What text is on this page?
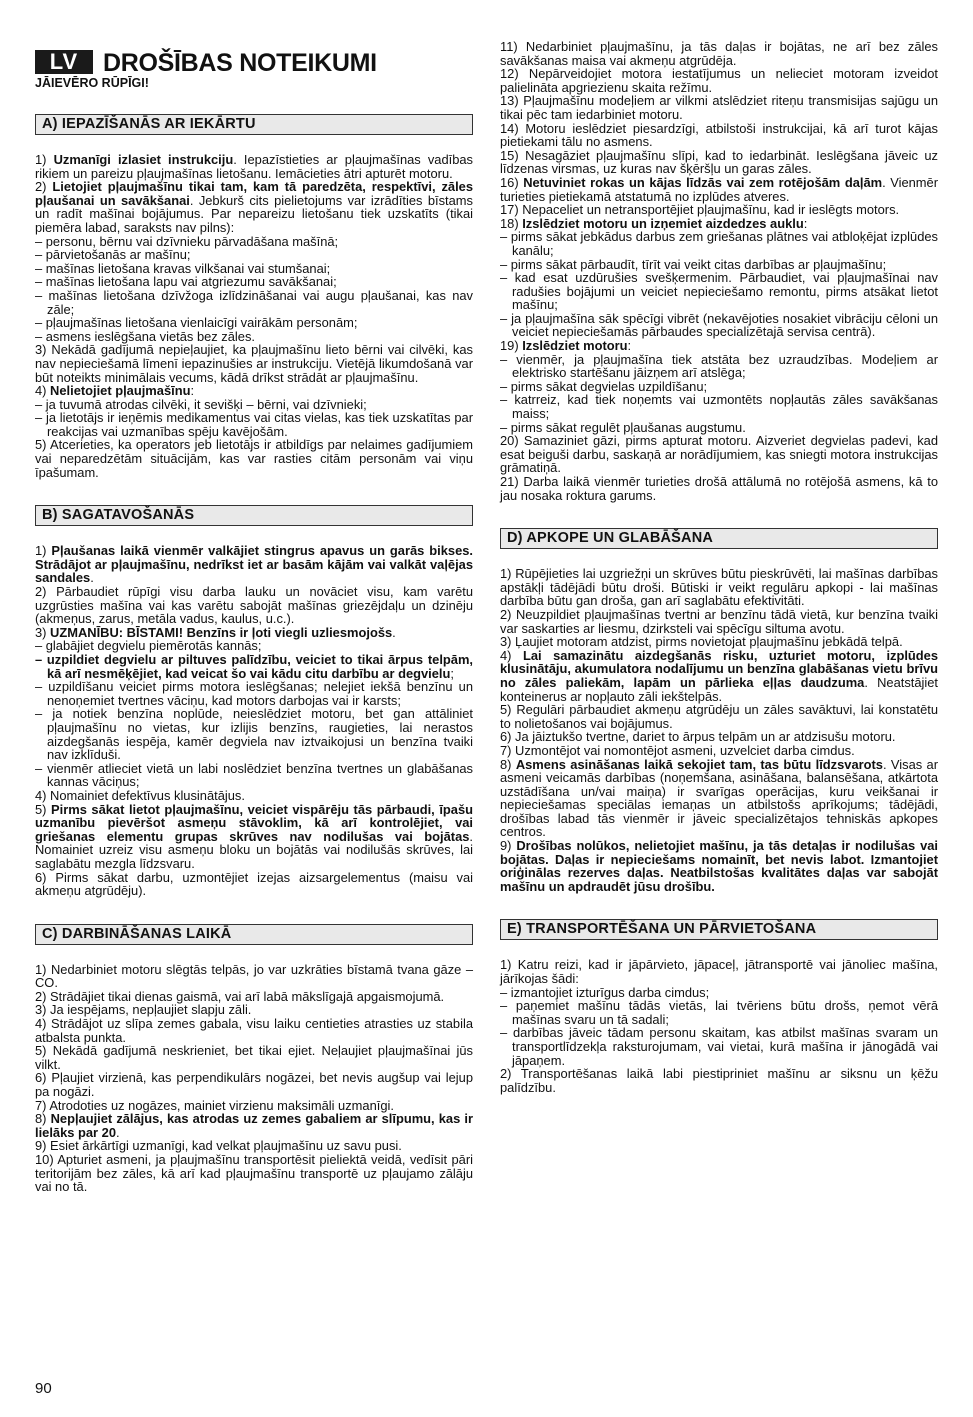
LV DROŠĪBAS NOTEIKUMI
JĀIEVĒRO RŪPĪGI!
A) IEPAZĪŠANĀS AR IEKĀRTU

1) Uzmanīgi izlasiet instrukciju. Iepazīstieties ar pļaujmašīnas vadības rikiem un pareizu pļaujmašīnas lietošanu. Iemācieties ātri apturēt motoru.

2) Lietojiet pļaujmašīnu tikai tam, kam tā paredzēta, respektīvi, zāles pļaušanai un savākšanai. Jebkurš cits pielietojums var izrādīties bīstams un radīt mašīnai bojājumus. Par nepareizu lietošanu tiek uzskatīts (tikai piemēra labad, saraksts nav pilns):

– personu, bērnu vai dzīvnieku pārvadāšana mašīnā;

– pārvietošanās ar mašīnu;

– mašīnas lietošana kravas vilkšanai vai stumšanai;

– mašīnas lietošana lapu vai atgriezumu savākšanai;

– mašīnas lietošana dzīvžoga izlīdzināšanai vai augu pļaušanai, kas nav zāle;

– pļaujmašīnas lietošana vienlaicīgi vairākām personām;

– asmens ieslēgšana vietās bez zāles.

3) Nekādā gadījumā nepieļaujiet, ka pļaujmašīnu lieto bērni vai cilvēki, kas nav nepieciešamā līmenī iepazinušies ar instrukciju. Vietējā likumdošanā var būt noteikts minimālais vecums, kādā drīkst strādāt ar pļaujmašīnu.

4) Nelietojiet pļaujmašīnu:

– ja tuvumā atrodas cilvēki, it sevišķi – bērni, vai dzīvnieki;

– ja lietotājs ir ieņēmis medikamentus vai citas vielas, kas tiek uzskatītas par reakcijas vai uzmanības spēju kavējošām.

5) Atcerieties, ka operators jeb lietotājs ir atbildīgs par nelaimes gadījumiem vai neparedzētām situācijām, kas var rasties citām personām vai viņu īpašumam.

B) SAGATAVOŠANĀS

1) Pļaušanas laikā vienmēr valkājiet stingrus apavus un garās bikses. Strādājot ar pļaujmašīnu, nedrīkst iet ar basām kājām vai valkāt vaļējas sandales.

2) Pārbaudiet rūpīgi visu darba lauku un novāciet visu, kam varētu uzgrūsties mašīna vai kas varētu sabojāt mašīnas griezējdaļu un dzinēju (akmeņus, zarus, metāla vadus, kaulus, u.c.).

3) UZMANĪBU: BĪSTAMI! Benzīns ir ļoti viegli uzliesmojošs.

– glabājiet degvielu piemērotās kannās;

– uzpildiet degvielu ar piltuves palīdzību, veiciet to tikai ārpus telpām, kā arī nesmēķējiet, kad veicat šo vai kādu citu darbību ar degvielu;

– uzpildīšanu veiciet pirms motora ieslēgšanas; nelejiet iekšā benzīnu un nenoņemiet tvertnes vāciņu, kad motors darbojas vai ir karsts;

– ja notiek benzīna noplūde, neieslēdziet motoru, bet gan attāliniet pļaujmašīnu no vietas, kur izlijis benzīns, raugieties, lai nerastos aizdegšanās iespēja, kamēr degviela nav iztvaikojusi un benzīna tvaiki nav izklīduši.

– vienmēr atlieciet vietā un labi noslēdziet benzīna tvertnes un glabāšanas kannas vāciņus;

4) Nomainiet defektīvus klusinātājus.

5) Pirms sākat lietot pļaujmašīnu, veiciet vispārēju tās pārbaudi, īpašu uzmanību pievēršot asmeņu stāvoklim, kā arī kontrolējiet, vai griešanas elementu grupas skrūves nav nodilušas vai bojātas. Nomainiet uzreiz visu asmeņu bloku un bojātās vai nodilušās skrūves, lai saglabātu mezgla līdzsvaru.

6) Pirms sākat darbu, uzmontējiet izejas aizsargelementus (maisu vai akmeņu atgrūdēju).

C) DARBINĀŠANAS LAIKĀ

1) Nedarbiniet motoru slēgtās telpās, jo var uzkrāties bīstamā tvana gāze – CO.

2) Strādājiet tikai dienas gaismā, vai arī labā mākslīgajā apgaismojumā.

3) Ja iespējams, nepļaujiet slapju zāli.

4) Strādājot uz slīpa zemes gabala, visu laiku centieties atrasties uz stabila atbalsta punkta.

5) Nekādā gadījumā neskrieniet, bet tikai ejiet. Neļaujiet pļaujmašīnai jūs vilkt.

6) Pļaujiet virzienā, kas perpendikulārs nogāzei, bet nevis augšup vai lejup pa nogāzi.

7) Atrodoties uz nogāzes, mainiet virzienu maksimāli uzmanīgi.

8) Nepļaujiet zālājus, kas atrodas uz zemes gabaliem ar slīpumu, kas ir lielāks par 20.

9) Esiet ārkārtīgi uzmanīgi, kad velkat pļaujmašīnu uz savu pusi.

10) Apturiet asmeni, ja pļaujmašīnu transportēsit pieliektā veidā, vedīsit pāri teritorijām bez zāles, kā arī kad pļaujmašīnu transportē uz pļaujamo zālāju vai no tā.

11) Nedarbiniet pļaujmašīnu, ja tās daļas ir bojātas, ne arī bez zāles savākšanas maisa vai akmeņu atgrūdēja.

12) Nepārveidojiet motora iestatījumus un nelieciet motoram izveidot palielināta apgriezienu skaita režīmu.

13) Pļaujmašīnu modeļiem ar vilkmi atslēdziet riteņu transmisijas sajūgu un tikai pēc tam iedarbiniet motoru.

14) Motoru ieslēdziet piesardzīgi, atbilstoši instrukcijai, kā arī turot kājas pietiekami tālu no asmens.

15) Nesagāziet pļaujmašīnu slīpi, kad to iedarbināt. Ieslēgšana jāveic uz līdzenas virsmas, uz kuras nav šķēršļu un garas zāles.

16) Netuviniet rokas un kājas līdzās vai zem rotējošām daļām. Vienmēr turieties pietiekamā atstatumā no izplūdes atveres.

17) Nepaceliet un netransportējiet pļaujmašīnu, kad ir ieslēgts motors.

18) Izslēdziet motoru un izņemiet aizdedzes auklu:

– pirms sākat jebkādus darbus zem griešanas plātnes vai atbloķējat izplūdes kanālu;

– pirms sākat pārbaudīt, tīrīt vai veikt citas darbības ar pļaujmašīnu;

– kad esat uzdūrušies svešķermenim. Pārbaudiet, vai pļaujmašīnai nav radušies bojājumi un veiciet nepieciešamo remontu, pirms atsākat lietot mašīnu;

– ja pļaujmašīna sāk spēcīgi vibrēt (nekavējoties nosakiet vibrāciju cēloni un veiciet nepieciešamās pārbaudes specializētajā servisa centrā).

19) Izslēdziet motoru:

– vienmēr, ja pļaujmašīna tiek atstāta bez uzraudzības. Modeļiem ar elektrisko startēšanu jāizņem arī atslēga;

– pirms sākat degvielas uzpildīšanu;

– katrreiz, kad tiek noņemts vai uzmontēts nopļautās zāles savākšanas maiss;

– pirms sākat regulēt pļaušanas augstumu.

20) Samaziniet gāzi, pirms apturat motoru. Aizveriet degvielas padevi, kad esat beiguši darbu, saskaņā ar norādījumiem, kas sniegti motora instrukcijas grāmatiņā.

21) Darba laikā vienmēr turieties drošā attālumā no rotējošā asmens, kā to jau nosaka roktura garums.

D) APKOPE UN GLABĀŠANA

1) Rūpējieties lai uzgriežņi un skrūves būtu pieskrūvēti, lai mašīnas darbības apstākļi tādējādi būtu droši. Būtiski ir veikt regulāru apkopi - lai mašīnas darbība būtu gan droša, gan arī saglabātu efektivitāti.

2) Neuzpildiet pļaujmašīnas tvertni ar benzīnu tādā vietā, kur benzīna tvaiki var saskarties ar liesmu, dzirksteli vai spēcīgu siltuma avotu.

3) Ļaujiet motoram atdzist, pirms novietojat pļaujmašīnu jebkādā telpā.

4) Lai samazinātu aizdegšanās risku, uzturiet motoru, izplūdes klusinātāju, akumulatora nodalījumu un benzīna glabāšanas vietu brīvu no zāles paliekām, lapām un pārlieka eļļas daudzuma. Neatstājiet konteinerus ar nopļauto zāli iekštelpās.

5) Regulāri pārbaudiet akmeņu atgrūdēju un zāles savāktuvi, lai konstatētu to nolietošanos vai bojājumus.

6) Ja jāiztukšo tvertne, dariet to ārpus telpām un ar atdzisušu motoru.

7) Uzmontējot vai nomontējot asmeni, uzvelciet darba cimdus.

8) Asmens asināšanas laikā sekojiet tam, tas būtu līdzsvarots. Visas ar asmeni veicamās darbības (noņemšana, asināšana, balansēšana, atkārtota uzstādīšana un/vai maiņa) ir svarīgas operācijas, kuru veikšanai ir nepieciešamas speciālas iemaņas un atbilstošs aprīkojums; tādējādi, drošības labad tās vienmēr ir jāveic specializētajos tehniskās apkopes centros.

9) Drošības nolūkos, nelietojiet mašīnu, ja tās detaļas ir nodilušas vai bojātas. Daļas ir nepieciešams nomainīt, bet nevis labot. Izmantojiet oriģinālas rezerves daļas. Neatbilstošas kvalitātes daļas var sabojāt mašīnu un apdraudēt jūsu drošību.

E) TRANSPORTĒŠANA UN PĀRVIETOŠANA

1) Katru reizi, kad ir jāpārvieto, jāpaceļ, jātransportē vai jānoliec mašīna, jārīkojas šādi:

– izmantojiet izturīgus darba cimdus;

– paņemiet mašīnu tādās vietās, lai tvēriens būtu drošs, ņemot vērā mašīnas svaru un tā sadali;

– darbības jāveic tādam personu skaitam, kas atbilst mašīnas svaram un transportlīdzekļa raksturojumam, vai vietai, kurā mašīna ir jānogādā vai jāpaņem.

2) Transportēšanas laikā labi piestipriniet mašīnu ar siksnu un ķēžu palīdzību.

90
